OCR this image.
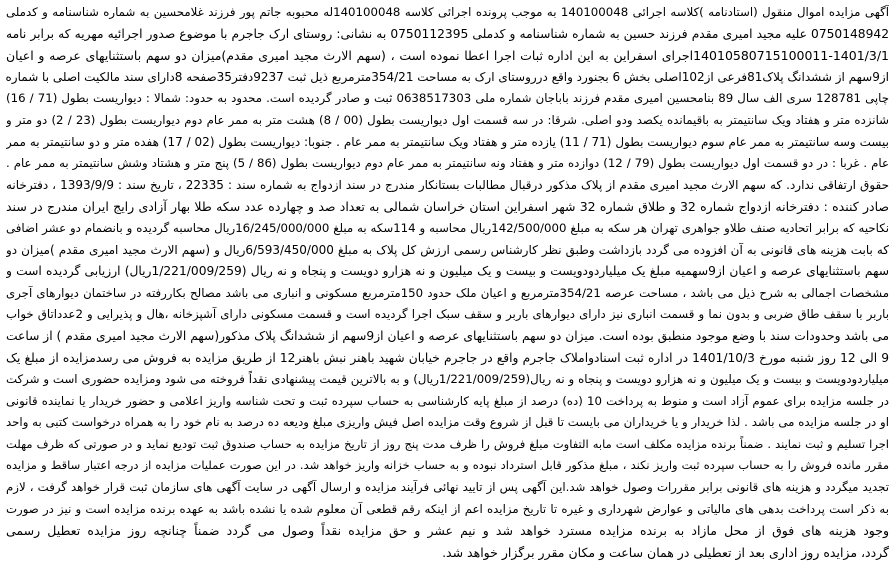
آگهی مزایده اموال منقول (استادنامه )کلاسه اجرائی 140100048 به موجب پرونده اجرائی کلاسه 140100048له محبوبه جاتم پور فرزند غلامحسین به شماره شناسنامه و کدملی
0750148942 علیه مجید امیری مقدم فرزند حسین به شماره شناسنامه و کدملی 0750112395 به نشانی: روستای ارک جاجرم با موضوع صدور اجرائیه مهریه که برابر نامه
14010580715100011-1401/3/1اجرای اسفراین به این اداره ثبات اجرا اعطا نموده است ، (سهم الارث مجید امیری مقدم)میزان دو سهم باستثنایهای عرصه و اعیان
از9سهم از ششدانگ پلاک81فرعی از102اصلی بخش 6 بجنورد واقع درروستای ارک به مساحت 354/21مترمربع ذیل ثبت 9237دفتر35صفحه 8دارای سند مالکیت اصلی با شماره
چاپی 128781 سری الف سال 89 بنامحسین امیری مقدم فرزند باباجان شماره ملی 0638517303 ثبت و صادر گردیده است. محدود به حدود: شمالا : دیواریست بطول (71 / 16)
شانزده متر و هفتاد ویک سانتیمتر به باقیمانده یکصد ودو اصلی. شرقا: در سه قسمت اول دیواریست بطول (00 / 8) هشت متر به ممر عام دوم دیواریست بطول (23 / 2) دو متر و
بیست وسه سانتیمتر به ممر عام سوم دیواریست بطول (71 / 11) یازده متر و هفتاد ویک سانتیمتر به ممر عام . جنوبا: دیواریست بطول (02 / 17) هفده متر و دو سانتیمتر به ممر
عام . غربا : در دو قسمت اول دیواریست بطول (79 / 12) دوازده متر و هفتاد ونه سانتیمتر به ممر عام دوم دیواریست بطول (86 / 5) پنج متر و هشتاد وشش سانتیمتر به ممر عام .
حقوق ارتفاقی ندارد. که سهم الارث مجید امیری مقدم از پلاک مذکور درقبال مطالبات بستانکار مندرج در سند ازدواج به شماره سند : 22335 ، تاریخ سند : 1393/9/9 ، دفترخانه
صادر کننده : دفترخانه ازدواج شماره 32 و طلاق شماره 32 شهر اسفراین استان خراسان شمالی به تعداد صد و چهارده عدد سکه طلا بهار آزادی رایج ایران مندرج در سند
نکاحیه که برابر اتحادیه صنف طلاو جواهری تهران هر سکه به مبلغ 142/500/000ریال محاسبه و 114سکه به مبلغ 16/245/000/000ریال محاسبه گردیده و بانضمام دو عشر اضافی
که بابت هزینه های قانونی به آن افزوده می گردد بازداشت وطبق نظر کارشناس رسمی ارزش کل پلاک به مبلغ 6/593/450/000ریال و (سهم الارث مجید امیری مقدم )میزان دو
سهم باستثنایهای عرصه و اعیان از9سهمیه مبلغ یک میلیاردودویست و بیست و یک میلیون و نه هزارو دویست و پنجاه و نه ریال (1/221/009/259ریال) ارزیابی گردیده است و
مشخصات اجمالی به شرح ذیل می باشد ، مساحت عرصه 354/21مترمربع و اعیان ملک حدود 150مترمربع مسکونی و انباری می باشد مصالح بکاررفته در ساختمان دیوارهای آجری
باربر با سقف طاق ضربی و بدون نما و قسمت انباری نیز دارای دیوارهای باربر و سقف سبک اجرا گردیده است و قسمت مسکونی دارای آشپزخانه ،هال و پذیرایی و 2عدداتاق خواب
می باشد وحدودات سند با وضع موجود منطبق بوده است. میزان دو سهم باستثنایهای عرصه و اعیان از9سهم از ششدانگ پلاک مذکور(سهم الارث مجید امیری مقدم ) از ساعت
9 الی 12 روز شنبه مورخ 1401/10/3 در اداره ثبت اسنادواملاک جاجرم واقع در جاجرم خیابان شهید باهنر نبش باهنر12 از طریق مزایده به فروش می رسدمزایده از مبلغ یک
میلیاردودویست و بیست و یک میلیون و نه هزارو دویست و پنجاه و نه ریال(1/221/009/259ریال) و به بالاترین قیمت پیشنهادی نقداً فروخته می شود ومزایده حضوری است و شرکت
در جلسه مزایده برای عموم آزاد است و منوط به پرداخت 10 (ده) درصد از مبلغ پایه کارشناسی به حساب سپرده ثبت و تحت شناسه واریز اعلامی و حضور خریدار یا نماینده قانونی
او در جلسه مزایده می باشد . لذا خریدار و یا خریداران می بایست تا قبل از شروع وقت مزایده اصل فیش واریزی مبلغ ودیعه ده درصد به نام خود را به همراه درخواست کتبی به واحد
اجرا تسلیم و ثبت نمایند . ضمناً برنده مزایده مکلف است مابه التفاوت مبلغ فروش را ظرف مدت پنج روز از تاریخ مزایده به حساب صندوق ثبت تودیع نماید و در صورتی که ظرف مهلت
مقرر مانده فروش را به حساب سپرده ثبت واریز نکند ، مبلغ مذکور قابل استرداد نبوده و به حساب خزانه واریز خواهد شد. در این صورت عملیات مزایده از درجه اعتبار ساقط و مزایده
تجدید میگردد و هزینه های قانونی برابر مقررات وصول خواهد شد.این آگهی پس از تایید نهائی فرآیند مزایده و ارسال آگهی در سایت آگهی های سازمان ثبت قرار خواهد گرفت ، لازم
به ذکر است پرداخت بدهی های مالیاتی و عوارض شهرداری و غیره تا تاریخ مزایده اعم از اینکه رقم قطعی آن معلوم شده یا نشده باشد به عهده برنده مزایده است و نیز در صورت
وجود هزینه های فوق از محل مازاد به برنده مزایده مسترد خواهد شد و نیم عشر و حق مزایده نقداً وصول می گردد ضمناً چنانچه روز مزایده تعطیل رسمی
گردد، مزایده روز اداری بعد از تعطیلی در همان ساعت و مکان مقرر برگزار خواهد شد.
